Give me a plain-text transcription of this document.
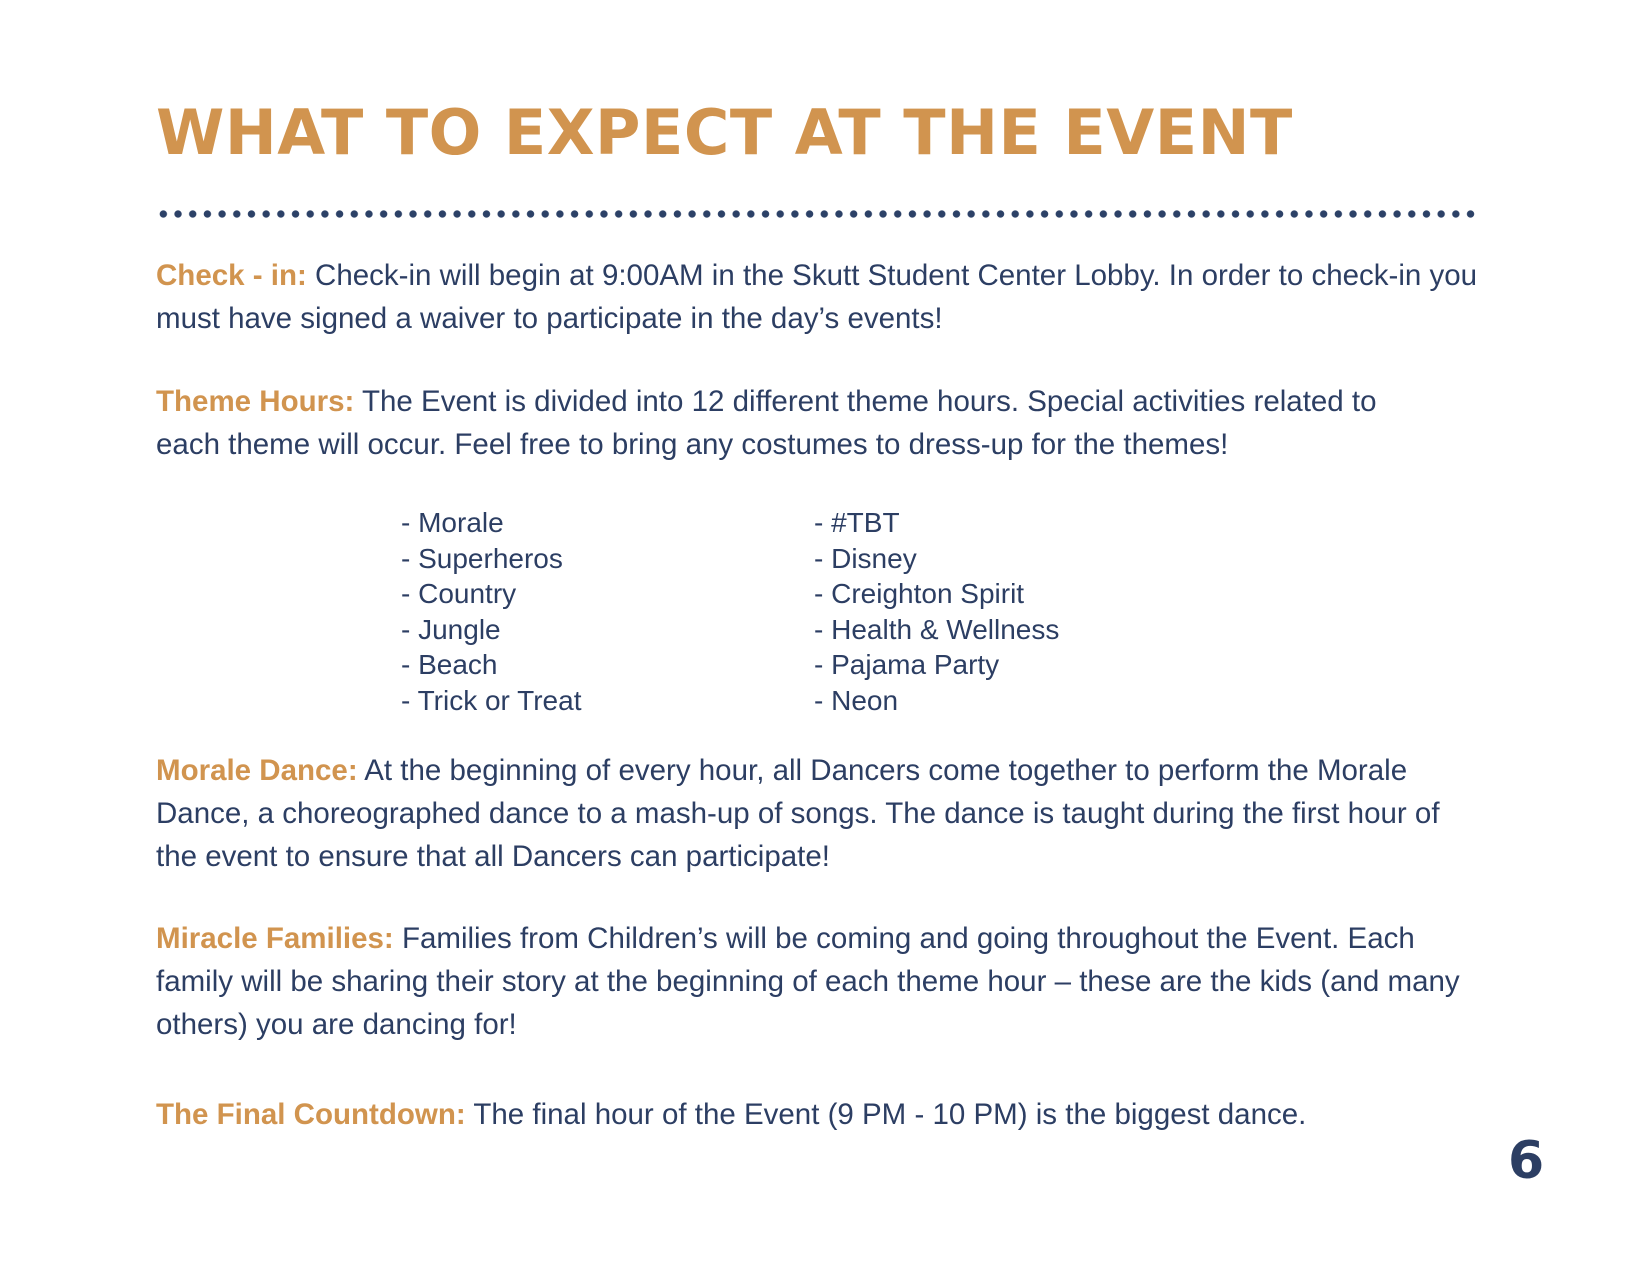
WHAT TO EXPECT AT THE EVENT

Check - in: Check-in will begin at 9:00AM in the Skutt Student Center Lobby. In order to check-in you must have signed a waiver to participate in the day’s events!

Theme Hours: The Event is divided into 12 different theme hours. Special activities related to each theme will occur. Feel free to bring any costumes to dress-up for the themes!

- Morale
- Superheros
- Country
- Jungle
- Beach
- Trick or Treat
- #TBT
- Disney
- Creighton Spirit
- Health & Wellness
- Pajama Party
- Neon

Morale Dance: At the beginning of every hour, all Dancers come together to perform the Morale Dance, a choreographed dance to a mash-up of songs. The dance is taught during the first hour of the event to ensure that all Dancers can participate!

Miracle Families: Families from Children’s will be coming and going throughout the Event. Each family will be sharing their story at the beginning of each theme hour – these are the kids (and many others) you are dancing for!

The Final Countdown: The final hour of the Event (9 PM - 10 PM) is the biggest dance.

6
